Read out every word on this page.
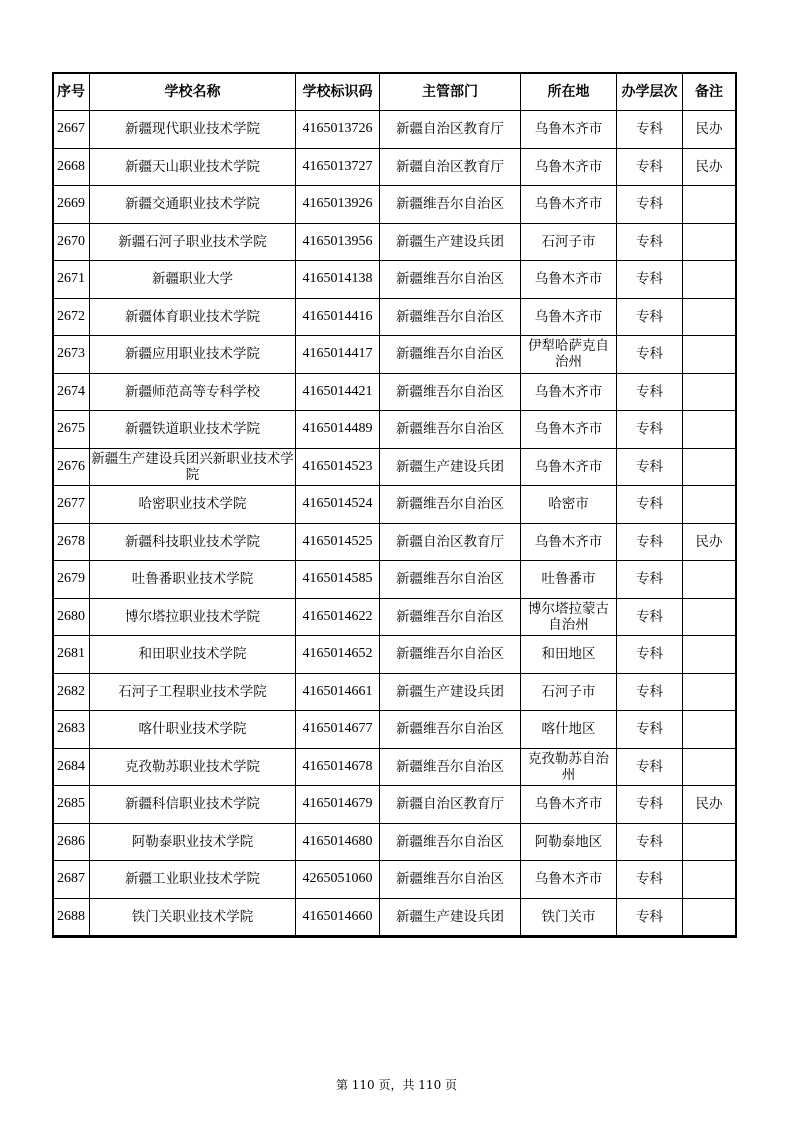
序号	学校名称	学校标识码	主管部门	所在地	办学层次	备注
2667	新疆现代职业技术学院	4165013726	新疆自治区教育厅	乌鲁木齐市	专科	民办
2668	新疆天山职业技术学院	4165013727	新疆自治区教育厅	乌鲁木齐市	专科	民办
2669	新疆交通职业技术学院	4165013926	新疆维吾尔自治区	乌鲁木齐市	专科	
2670	新疆石河子职业技术学院	4165013956	新疆生产建设兵团	石河子市	专科	
2671	新疆职业大学	4165014138	新疆维吾尔自治区	乌鲁木齐市	专科	
2672	新疆体育职业技术学院	4165014416	新疆维吾尔自治区	乌鲁木齐市	专科	
2673	新疆应用职业技术学院	4165014417	新疆维吾尔自治区	伊犁哈萨克自治州	专科	
2674	新疆师范高等专科学校	4165014421	新疆维吾尔自治区	乌鲁木齐市	专科	
2675	新疆铁道职业技术学院	4165014489	新疆维吾尔自治区	乌鲁木齐市	专科	
2676	新疆生产建设兵团兴新职业技术学院	4165014523	新疆生产建设兵团	乌鲁木齐市	专科	
2677	哈密职业技术学院	4165014524	新疆维吾尔自治区	哈密市	专科	
2678	新疆科技职业技术学院	4165014525	新疆自治区教育厅	乌鲁木齐市	专科	民办
2679	吐鲁番职业技术学院	4165014585	新疆维吾尔自治区	吐鲁番市	专科	
2680	博尔塔拉职业技术学院	4165014622	新疆维吾尔自治区	博尔塔拉蒙古自治州	专科	
2681	和田职业技术学院	4165014652	新疆维吾尔自治区	和田地区	专科	
2682	石河子工程职业技术学院	4165014661	新疆生产建设兵团	石河子市	专科	
2683	喀什职业技术学院	4165014677	新疆维吾尔自治区	喀什地区	专科	
2684	克孜勒苏职业技术学院	4165014678	新疆维吾尔自治区	克孜勒苏自治州	专科	
2685	新疆科信职业技术学院	4165014679	新疆自治区教育厅	乌鲁木齐市	专科	民办
2686	阿勒泰职业技术学院	4165014680	新疆维吾尔自治区	阿勒泰地区	专科	
2687	新疆工业职业技术学院	4265051060	新疆维吾尔自治区	乌鲁木齐市	专科	
2688	铁门关职业技术学院	4165014660	新疆生产建设兵团	铁门关市	专科	
第 110 页，共 110 页
